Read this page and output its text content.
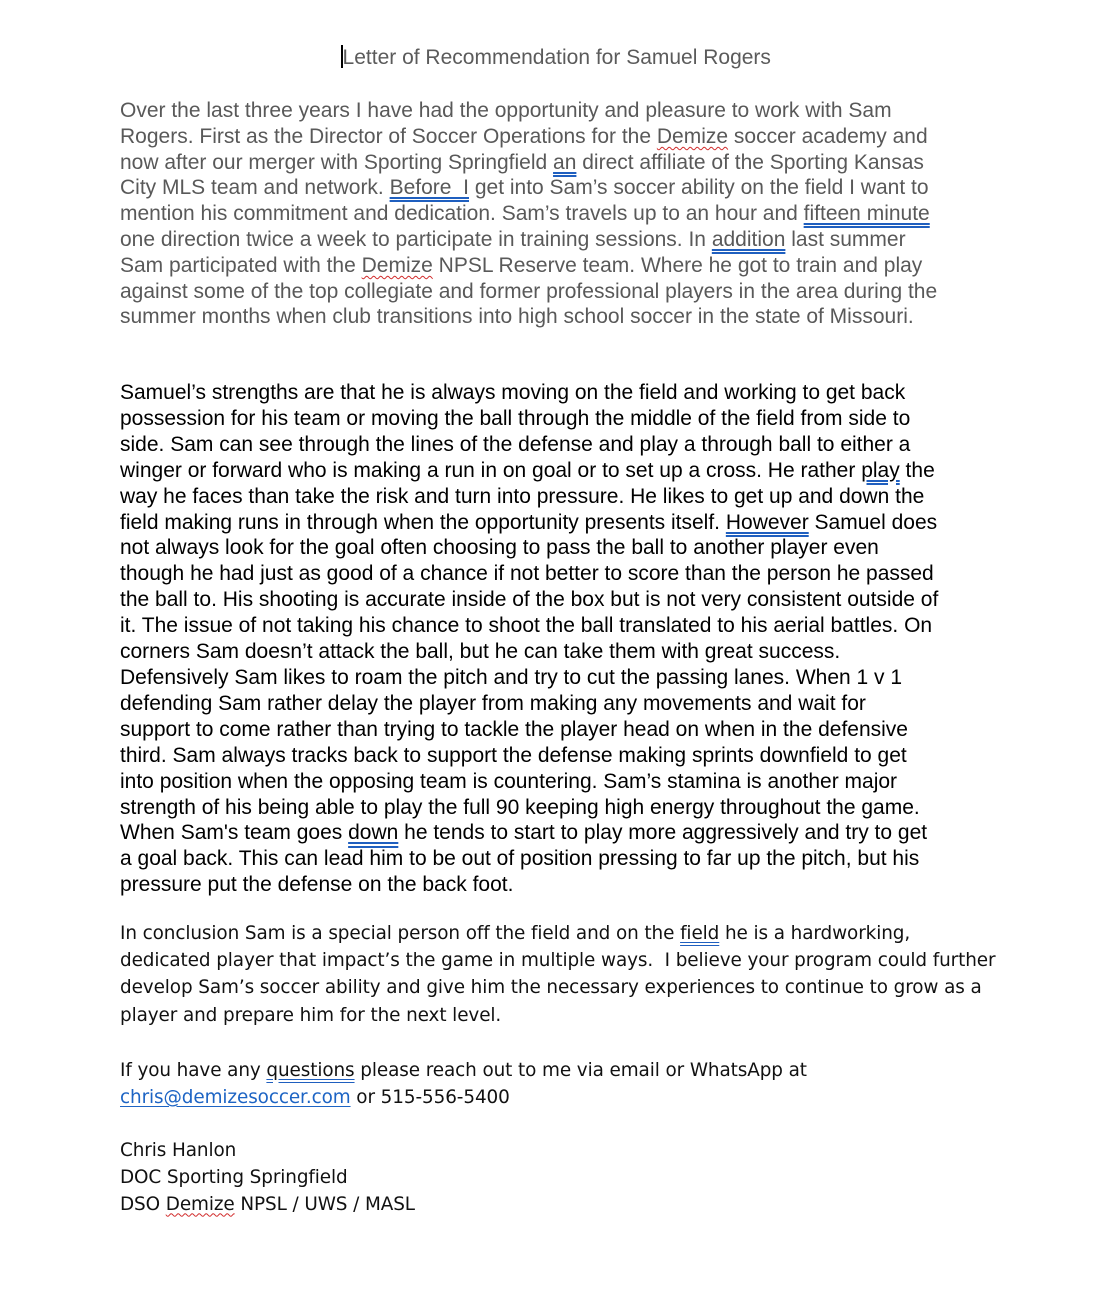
Letter of Recommendation for Samuel Rogers
Over the last three years I have had the opportunity and pleasure to work with Sam
Rogers. First as the Director of Soccer Operations for the Demize soccer academy and
now after our merger with Sporting Springfield an direct affiliate of the Sporting Kansas
City MLS team and network. Before  I get into Sam’s soccer ability on the field I want to
mention his commitment and dedication. Sam’s travels up to an hour and fifteen minute
one direction twice a week to participate in training sessions. In addition last summer
Sam participated with the Demize NPSL Reserve team. Where he got to train and play
against some of the top collegiate and former professional players in the area during the
summer months when club transitions into high school soccer in the state of Missouri.
Samuel’s strengths are that he is always moving on the field and working to get back
possession for his team or moving the ball through the middle of the field from side to
side. Sam can see through the lines of the defense and play a through ball to either a
winger or forward who is making a run in on goal or to set up a cross. He rather play the
way he faces than take the risk and turn into pressure. He likes to get up and down the
field making runs in through when the opportunity presents itself. However Samuel does
not always look for the goal often choosing to pass the ball to another player even
though he had just as good of a chance if not better to score than the person he passed
the ball to. His shooting is accurate inside of the box but is not very consistent outside of
it. The issue of not taking his chance to shoot the ball translated to his aerial battles. On
corners Sam doesn’t attack the ball, but he can take them with great success.
Defensively Sam likes to roam the pitch and try to cut the passing lanes. When 1 v 1
defending Sam rather delay the player from making any movements and wait for
support to come rather than trying to tackle the player head on when in the defensive
third. Sam always tracks back to support the defense making sprints downfield to get
into position when the opposing team is countering. Sam’s stamina is another major
strength of his being able to play the full 90 keeping high energy throughout the game.
When Sam's team goes down he tends to start to play more aggressively and try to get
a goal back. This can lead him to be out of position pressing to far up the pitch, but his
pressure put the defense on the back foot.
In conclusion Sam is a special person off the field and on the field he is a hardworking,
dedicated player that impact’s the game in multiple ways.  I believe your program could further
develop Sam’s soccer ability and give him the necessary experiences to continue to grow as a
player and prepare him for the next level.
If you have any questions please reach out to me via email or WhatsApp at
chris@demizesoccer.com or 515-556-5400
Chris Hanlon
DOC Sporting Springfield
DSO Demize NPSL / UWS / MASL
